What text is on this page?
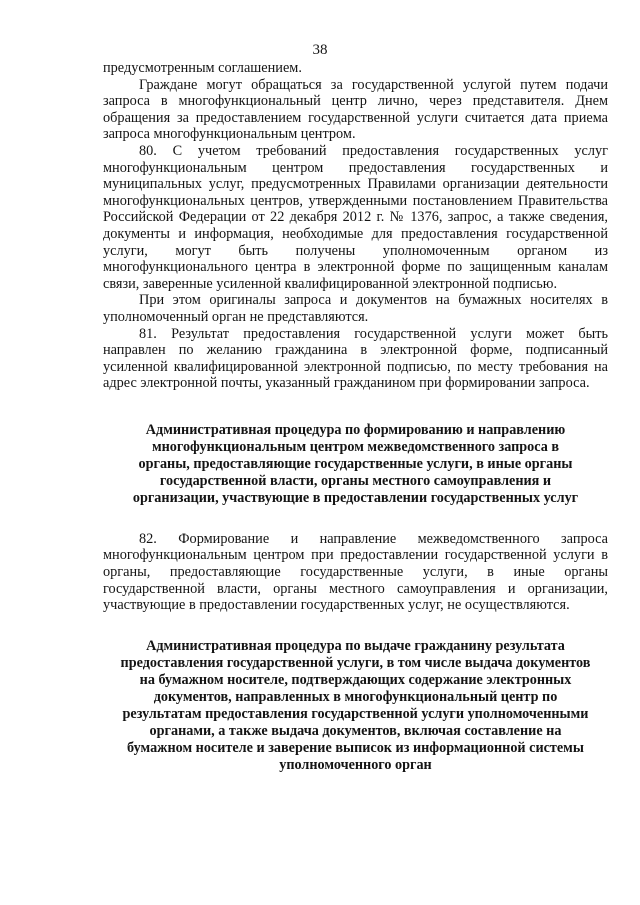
38

предусмотренным соглашением.

Граждане могут обращаться за государственной услугой путем подачи запроса в многофункциональный центр лично, через представителя. Днем обращения за предоставлением государственной услуги считается дата приема запроса многофункциональным центром.

80. С учетом требований предоставления государственных услуг многофункциональным центром предоставления государственных и муниципальных услуг, предусмотренных Правилами организации деятельности многофункциональных центров, утвержденными постановлением Правительства Российской Федерации от 22 декабря 2012 г. № 1376, запрос, а также сведения, документы и информация, необходимые для предоставления государственной услуги, могут быть получены уполномоченным органом из многофункционального центра в электронной форме по защищенным каналам связи, заверенные усиленной квалифицированной электронной подписью.

При этом оригиналы запроса и документов на бумажных носителях в уполномоченный орган не представляются.

81. Результат предоставления государственной услуги может быть направлен по желанию гражданина в электронной форме, подписанный усиленной квалифицированной электронной подписью, по месту требования на адрес электронной почты, указанный гражданином при формировании запроса.

Административная процедура по формированию и направлению многофункциональным центром межведомственного запроса в органы, предоставляющие государственные услуги, в иные органы государственной власти, органы местного самоуправления и организации, участвующие в предоставлении государственных услуг

82. Формирование и направление межведомственного запроса многофункциональным центром при предоставлении государственной услуги в органы, предоставляющие государственные услуги, в иные органы государственной власти, органы местного самоуправления и организации, участвующие в предоставлении государственных услуг, не осуществляются.

Административная процедура по выдаче гражданину результата предоставления государственной услуги, в том числе выдача документов на бумажном носителе, подтверждающих содержание электронных документов, направленных в многофункциональный центр по результатам предоставления государственной услуги уполномоченными органами, а также выдача документов, включая составление на бумажном носителе и заверение выписок из информационной системы уполномоченного орган
